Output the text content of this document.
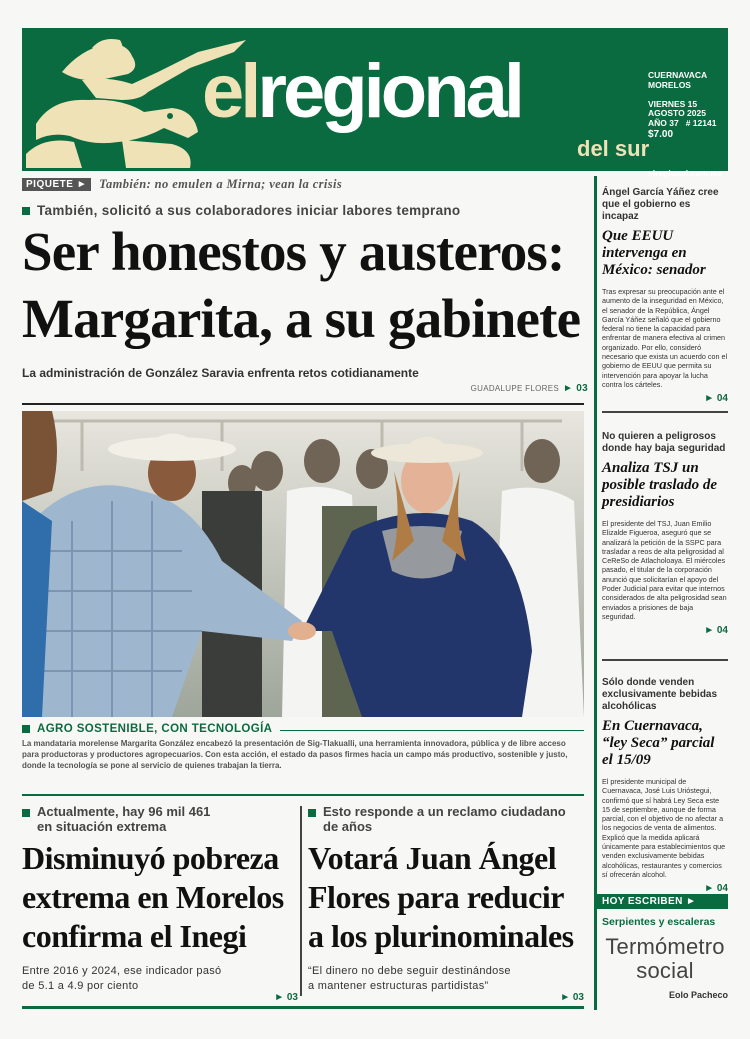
elregional
del sur
CUERNAVACA
MORELOS
VIERNES 15
AGOSTO 2025
AÑO 37 # 12141
$7.00
elregional.com.mx
PIQUETE ► También: no emulen a Mirna; vean la crisis
También, solicitó a sus colaboradores iniciar labores temprano
Ser honestos y austeros:
Margarita, a su gabinete
La administración de González Saravia enfrenta retos cotidianamente
GUADALUPE FLORES ► 03
AGRO SOSTENIBLE, CON TECNOLOGÍA
La mandataria morelense Margarita González encabezó la presentación de Sig-Tlakualli, una herramienta innovadora, pública y de libre acceso para productoras y productores agropecuarios. Con esta acción, el estado da pasos firmes hacia un campo más productivo, sostenible y justo, donde la tecnología se pone al servicio de quienes trabajan la tierra.
Actualmente, hay 96 mil 461
en situación extrema
Disminuyó pobreza extrema en Morelos confirma el Inegi
Entre 2016 y 2024, ese indicador pasó
de 5.1 a 4.9 por ciento
► 03
Esto responde a un reclamo ciudadano
de años
Votará Juan Ángel Flores para reducir a los plurinominales
“El dinero no debe seguir destinándose
a mantener estructuras partidistas”
► 03
Ángel García Yáñez cree que el gobierno es incapaz
Que EEUU intervenga en México: senador
Tras expresar su preocupación ante el aumento de la inseguridad en México, el senador de la República, Ángel García Yáñez señaló que el gobierno federal no tiene la capacidad para enfrentar de manera efectiva al crimen organizado. Por ello, consideró necesario que exista un acuerdo con el gobierno de EEUU que permita su intervención para apoyar la lucha contra los cárteles.
► 04
No quieren a peligrosos donde hay baja seguridad
Analiza TSJ un posible traslado de presidiarios
El presidente del TSJ, Juan Emilio Elizalde Figueroa, aseguró que se analizará la petición de la SSPC para trasladar a reos de alta peligrosidad al CeReSo de Atlacholoaya. El miércoles pasado, el titular de la corporación anunció que solicitarían el apoyo del Poder Judicial para evitar que internos considerados de alta peligrosidad sean enviados a prisiones de baja seguridad.
► 04
Sólo donde venden exclusivamente bebidas alcohólicas
En Cuernavaca, “ley Seca” parcial el 15/09
El presidente municipal de Cuernavaca, José Luis Urióstegui, confirmó que sí habrá Ley Seca este 15 de septiembre, aunque de forma parcial, con el objetivo de no afectar a los negocios de venta de alimentos. Explicó que la medida aplicará únicamente para establecimientos que venden exclusivamente bebidas alcohólicas, restaurantes y comercios sí ofrecerán alcohol.
► 04
HOY ESCRIBEN ►
Serpientes y escaleras
Termómetro
social
Eolo Pacheco
